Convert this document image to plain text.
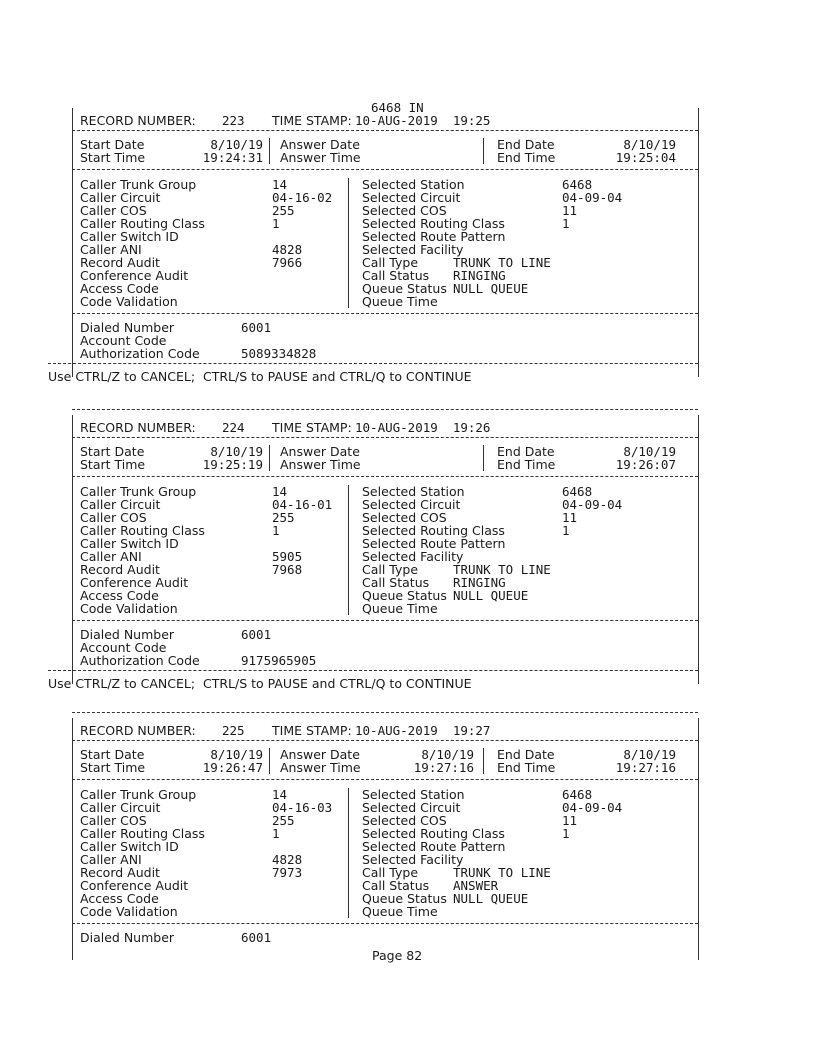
6468 IN
RECORD NUMBER: 223 TIME STAMP: 10-AUG-2019  19:25
Start Date	8/10/19
Start Time	19:24:31
Answer Date
Answer Time
End Date	8/10/19
End Time	19:25:04
Caller Trunk Group	14
Caller Circuit	04-16-02
Caller COS	255
Caller Routing Class	1
Caller Switch ID
Caller ANI	4828
Record Audit	7966
Conference Audit
Access Code
Code Validation
Selected Station	6468
Selected Circuit	04-09-04
Selected COS	11
Selected Routing Class	1
Selected Route Pattern
Selected Facility
Call Type	TRUNK TO LINE
Call Status RINGING
Queue Status NULL QUEUE
Queue Time
Dialed Number	6001
Account Code
Authorization Code	5089334828
Use CTRL/Z to CANCEL;  CTRL/S to PAUSE and CTRL/Q to CONTINUE
RECORD NUMBER: 224 TIME STAMP: 10-AUG-2019  19:26
Start Date	8/10/19
Start Time	19:25:19
Answer Date
Answer Time
End Date	8/10/19
End Time	19:26:07
Caller Trunk Group	14
Caller Circuit	04-16-01
Caller COS	255
Caller Routing Class	1
Caller Switch ID
Caller ANI	5905
Record Audit	7968
Conference Audit
Access Code
Code Validation
Selected Station	6468
Selected Circuit	04-09-04
Selected COS	11
Selected Routing Class	1
Selected Route Pattern
Selected Facility
Call Type	TRUNK TO LINE
Call Status RINGING
Queue Status NULL QUEUE
Queue Time
Dialed Number	6001
Account Code
Authorization Code	9175965905
Use CTRL/Z to CANCEL;  CTRL/S to PAUSE and CTRL/Q to CONTINUE
RECORD NUMBER: 225 TIME STAMP: 10-AUG-2019  19:27
Start Date	8/10/19
Start Time	19:26:47
Answer Date	8/10/19
Answer Time	19:27:16
End Date	8/10/19
End Time	19:27:16
Caller Trunk Group	14
Caller Circuit	04-16-03
Caller COS	255
Caller Routing Class	1
Caller Switch ID
Caller ANI	4828
Record Audit	7973
Conference Audit
Access Code
Code Validation
Selected Station	6468
Selected Circuit	04-09-04
Selected COS	11
Selected Routing Class	1
Selected Route Pattern
Selected Facility
Call Type	TRUNK TO LINE
Call Status ANSWER
Queue Status NULL QUEUE
Queue Time
Dialed Number	6001
Page 82
